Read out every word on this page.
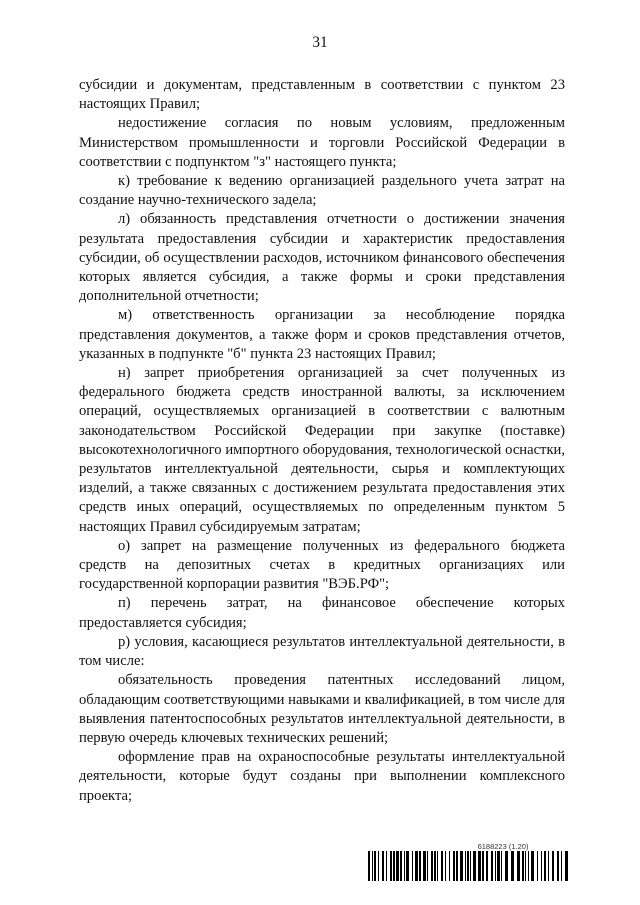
31

субсидии и документам, представленным в соответствии с пунктом 23 настоящих Правил;

недостижение согласия по новым условиям, предложенным Министерством промышленности и торговли Российской Федерации в соответствии с подпунктом "з" настоящего пункта;

к) требование к ведению организацией раздельного учета затрат на создание научно-технического задела;

л) обязанность представления отчетности о достижении значения результата предоставления субсидии и характеристик предоставления субсидии, об осуществлении расходов, источником финансового обеспечения которых является субсидия, а также формы и сроки представления дополнительной отчетности;

м) ответственность организации за несоблюдение порядка представления документов, а также форм и сроков представления отчетов, указанных в подпункте "б" пункта 23 настоящих Правил;

н) запрет приобретения организацией за счет полученных из федерального бюджета средств иностранной валюты, за исключением операций, осуществляемых организацией в соответствии с валютным законодательством Российской Федерации при закупке (поставке) высокотехнологичного импортного оборудования, технологической оснастки, результатов интеллектуальной деятельности, сырья и комплектующих изделий, а также связанных с достижением результата предоставления этих средств иных операций, осуществляемых по определенным пунктом 5 настоящих Правил субсидируемым затратам;

о) запрет на размещение полученных из федерального бюджета средств на депозитных счетах в кредитных организациях или государственной корпорации развития "ВЭБ.РФ";

п) перечень затрат, на финансовое обеспечение которых предоставляется субсидия;

р) условия, касающиеся результатов интеллектуальной деятельности, в том числе:

обязательность проведения патентных исследований лицом, обладающим соответствующими навыками и квалификацией, в том числе для выявления патентоспособных результатов интеллектуальной деятельности, в первую очередь ключевых технических решений;

оформление прав на охраноспособные результаты интеллектуальной деятельности, которые будут созданы при выполнении комплексного проекта;

6188223 (1.20)
